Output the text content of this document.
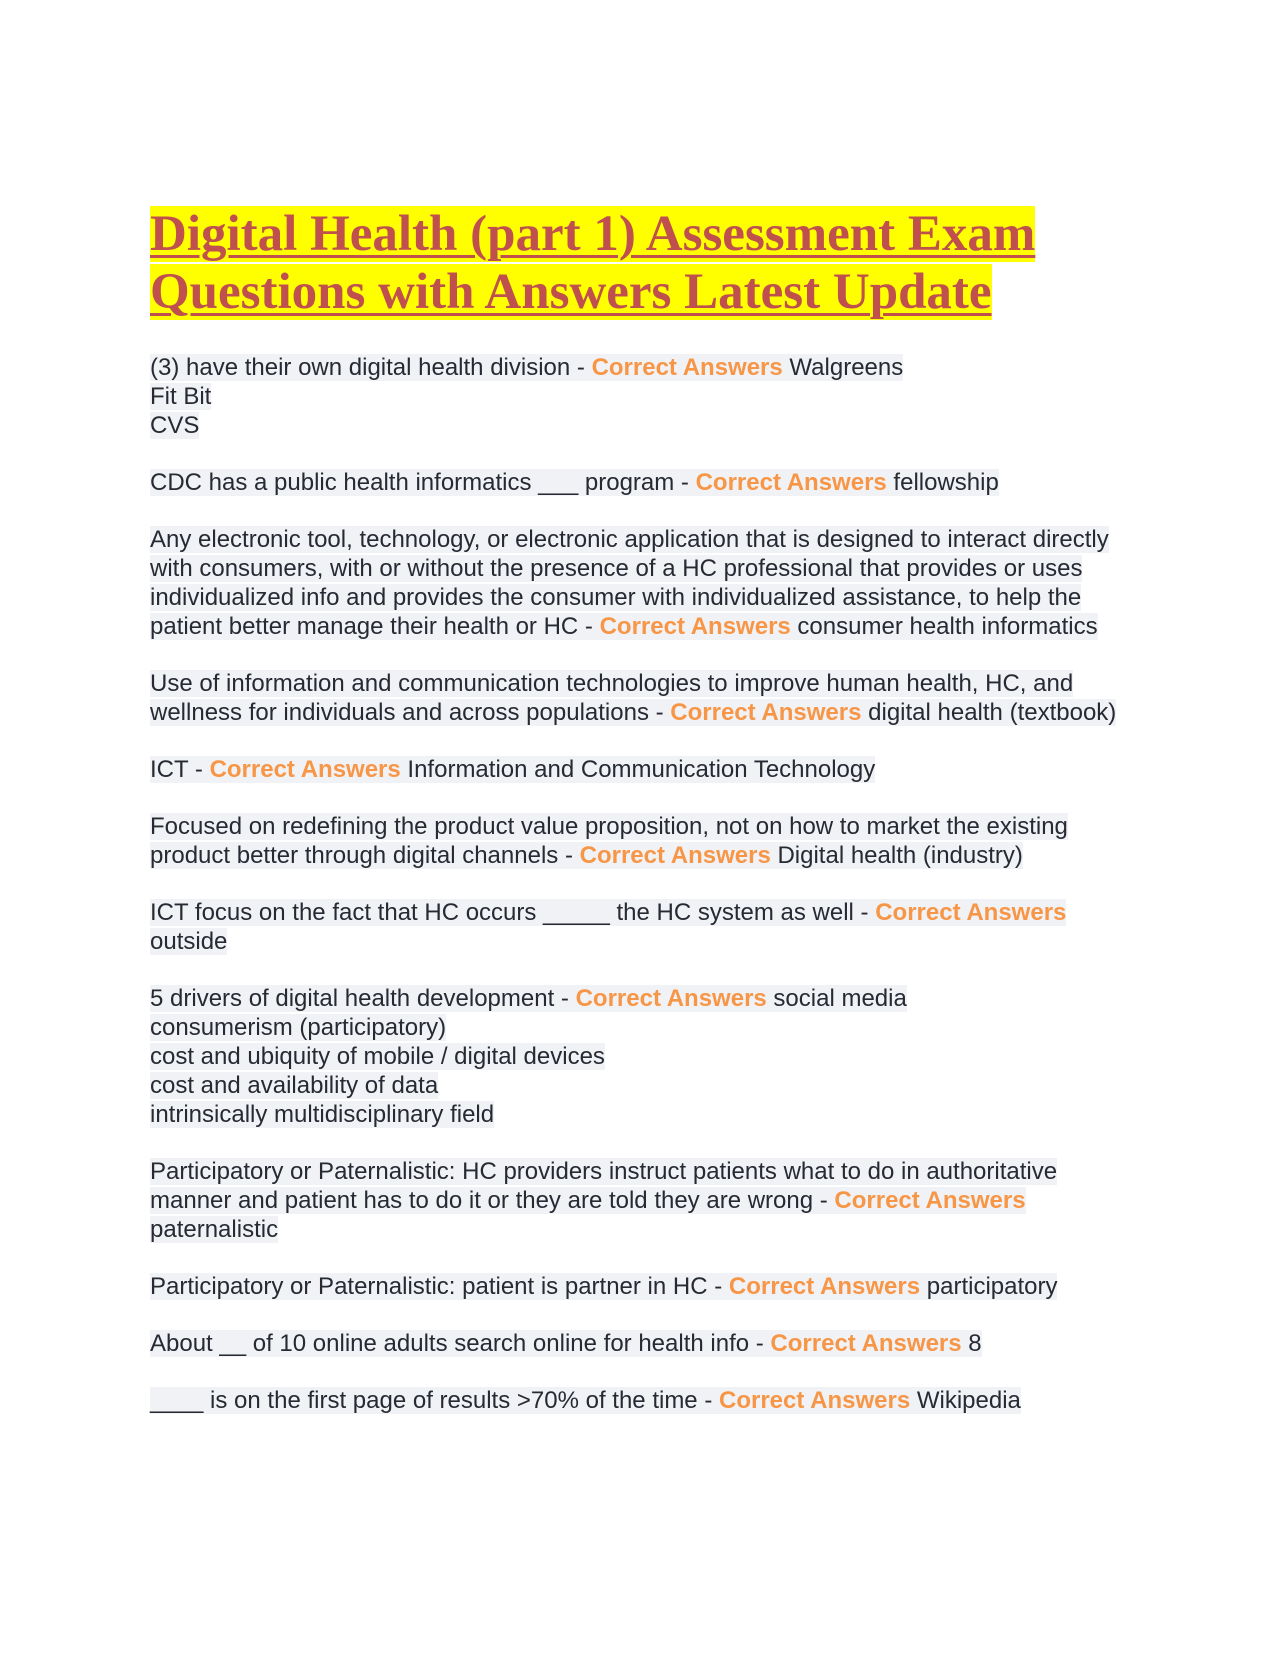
Digital Health (part 1) Assessment Exam
Questions with Answers Latest Update
(3) have their own digital health division - Correct Answers Walgreens
Fit Bit
CVS
CDC has a public health informatics ___ program - Correct Answers fellowship
Any electronic tool, technology, or electronic application that is designed to interact directly with consumers, with or without the presence of a HC professional that provides or uses individualized info and provides the consumer with individualized assistance, to help the patient better manage their health or HC - Correct Answers consumer health informatics
Use of information and communication technologies to improve human health, HC, and wellness for individuals and across populations - Correct Answers digital health (textbook)
ICT - Correct Answers Information and Communication Technology
Focused on redefining the product value proposition, not on how to market the existing product better through digital channels - Correct Answers Digital health (industry)
ICT focus on the fact that HC occurs _____ the HC system as well - Correct Answers outside
5 drivers of digital health development - Correct Answers social media
consumerism (participatory)
cost and ubiquity of mobile / digital devices
cost and availability of data
intrinsically multidisciplinary field
Participatory or Paternalistic: HC providers instruct patients what to do in authoritative manner and patient has to do it or they are told they are wrong - Correct Answers paternalistic
Participatory or Paternalistic: patient is partner in HC - Correct Answers participatory
About __ of 10 online adults search online for health info - Correct Answers 8
____ is on the first page of results >70% of the time - Correct Answers Wikipedia
